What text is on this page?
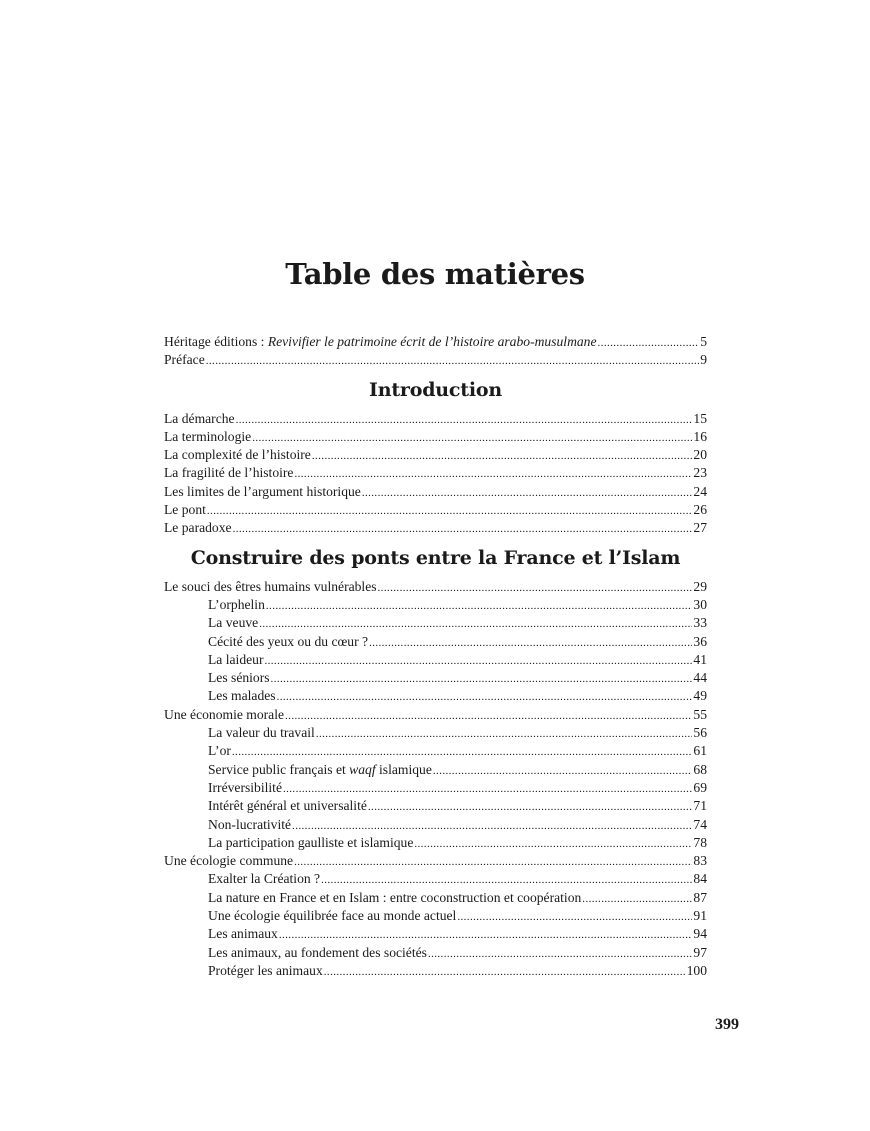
Table des matières
Héritage éditions : Revivifier le patrimoine écrit de l’histoire arabo-musulmane .....	5
Préface .....	9
Introduction
La démarche .....	15
La terminologie .....	16
La complexité de l’histoire .....	20
La fragilité de l’histoire .....	23
Les limites de l’argument historique .....	24
Le pont .....	26
Le paradoxe .....	27
Construire des ponts entre la France et l’Islam
Le souci des êtres humains vulnérables .....	29
L’orphelin .....	30
La veuve .....	33
Cécité des yeux ou du cœur ? .....	36
La laideur .....	41
Les séniors .....	44
Les malades .....	49
Une économie morale .....	55
La valeur du travail .....	56
L’or .....	61
Service public français et waqf islamique .....	68
Irréversibilité .....	69
Intérêt général et universalité .....	71
Non-lucrativité .....	74
La participation gaulliste et islamique .....	78
Une écologie commune .....	83
Exalter la Création ? .....	84
La nature en France et en Islam : entre coconstruction et coopération .....	87
Une écologie équilibrée face au monde actuel .....	91
Les animaux .....	94
Les animaux, au fondement des sociétés .....	97
Protéger les animaux .....	100
399
